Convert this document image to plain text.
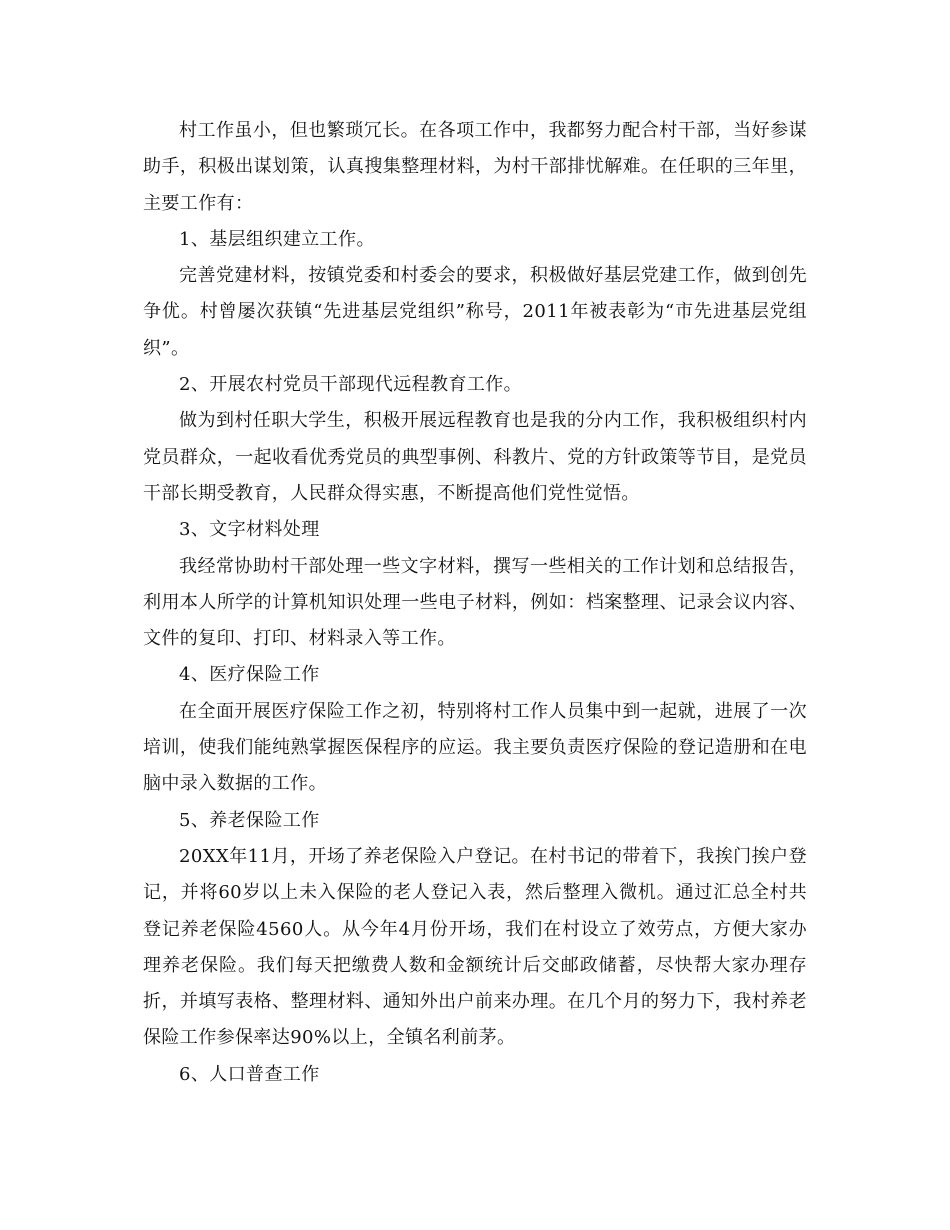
村工作虽小，但也繁琐冗长。在各项工作中，我都努力配合村干部，当好参谋助手，积极出谋划策，认真搜集整理材料，为村干部排忧解难。在任职的三年里，主要工作有：

1、基层组织建立工作。

完善党建材料，按镇党委和村委会的要求，积极做好基层党建工作，做到创先争优。村曾屡次获镇“先进基层党组织”称号，2011年被表彰为“市先进基层党组织”。

2、开展农村党员干部现代远程教育工作。

做为到村任职大学生，积极开展远程教育也是我的分内工作，我积极组织村内党员群众，一起收看优秀党员的典型事例、科教片、党的方针政策等节目，是党员干部长期受教育，人民群众得实惠，不断提高他们党性觉悟。

3、文字材料处理

我经常协助村干部处理一些文字材料，撰写一些相关的工作计划和总结报告，利用本人所学的计算机知识处理一些电子材料，例如：档案整理、记录会议内容、文件的复印、打印、材料录入等工作。

4、医疗保险工作

在全面开展医疗保险工作之初，特别将村工作人员集中到一起就，进展了一次培训，使我们能纯熟掌握医保程序的应运。我主要负责医疗保险的登记造册和在电脑中录入数据的工作。

5、养老保险工作

20XX年11月，开场了养老保险入户登记。在村书记的带着下，我挨门挨户登记，并将60岁以上未入保险的老人登记入表，然后整理入微机。通过汇总全村共登记养老保险4560人。从今年4月份开场，我们在村设立了效劳点，方便大家办理养老保险。我们每天把缴费人数和金额统计后交邮政储蓄，尽快帮大家办理存折，并填写表格、整理材料、通知外出户前来办理。在几个月的努力下，我村养老保险工作参保率达90%以上，全镇名利前茅。

6、人口普查工作
